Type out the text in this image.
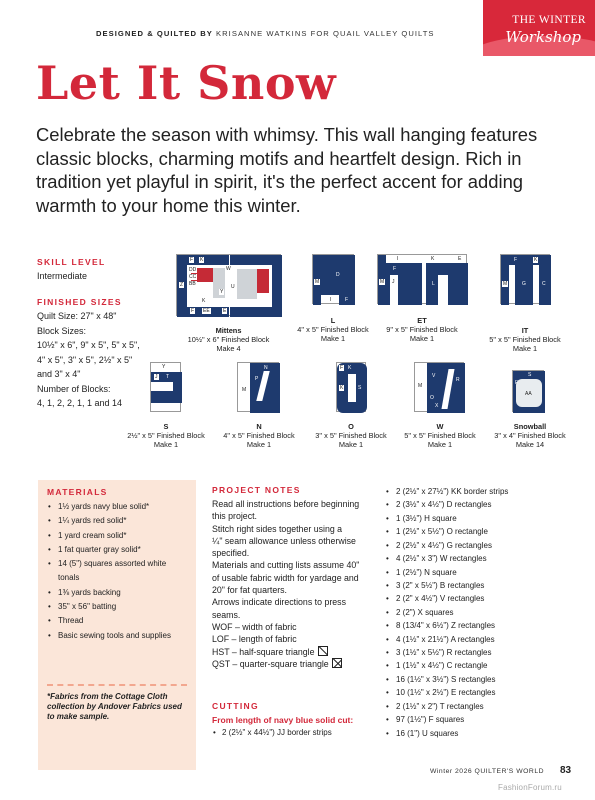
DESIGNED & QUILTED BY KRISANNE WATKINS FOR QUAIL VALLEY QUILTS
THE WINTER
Workshop
Let It Snow

Celebrate the season with whimsy. This wall hanging features classic blocks, charming motifs and heartfelt design. Rich in tradition yet playful in spirit, it's the perfect accent for adding warmth to your home this winter.

SKILL LEVEL
Intermediate
FINISHED SIZES
Quilt Size: 27" x 48"
Block Sizes:
10½" x 6", 9" x 5", 5" x 5",
4" x 5", 3" x 5", 2½" x 5"
and 3" x 4"
Number of Blocks:
4, 1, 2, 2, 1, 1 and 14
F K
DD
CC
BB
Z
W
U
Y
K
F EE	E
Mittens
10½" x 6" Finished Block
Make 4
M
D
I	F
L
4" x 5" Finished Block
Make 1
I	K	E
F
M J	L
ET
9" x 5" Finished Block
Make 1
F	K
M	G	C
IT
5" x 5" Finished Block
Make 1
Y
J T
S
2½" x 5" Finished Block
Make 1
N
P
M
G
N
4" x 5" Finished Block
Make 1
F K
K	S
O
3" x 5" Finished Block
Make 1
V
M
R
O
X
W
5" x 5" Finished Block
Make 1
S
F
AA
Snowball
3" x 4" Finished Block
Make 14
MATERIALS
• 1½ yards navy blue solid*
• 1¼ yards red solid*
• 1 yard cream solid*
• 1 fat quarter gray solid*
• 14 (5") squares assorted white
tonals
• 1⅜ yards backing
• 35" x 56" batting
• Thread
• Basic sewing tools and supplies
*Fabrics from the Cottage Cloth collection by Andover Fabrics used to make sample.
PROJECT NOTES
Read all instructions before beginning
this project.
Stitch right sides together using a
¼" seam allowance unless otherwise
specified.
Materials and cutting lists assume 40"
of usable fabric width for yardage and
20" for fat quarters.
Arrows indicate directions to press
seams.
WOF – width of fabric
LOF – length of fabric
HST – half-square triangle
QST – quarter-square triangle
CUTTING
From length of navy blue solid cut:
• 2 (2½" x 44½") JJ border strips
• 2 (2½" x 27½") KK border strips
• 2 (3½" x 4½") D rectangles
• 1 (3½") H square
• 1 (2½" x 5½") O rectangle
• 2 (2½" x 4½") G rectangles
• 4 (2½" x 3") W rectangles
• 1 (2½") N square
• 3 (2" x 5½") B rectangles
• 2 (2" x 4½") V rectangles
• 2 (2") X squares
• 8 (13/4" x 6½") Z rectangles
• 4 (1½" x 21½") A rectangles
• 3 (1½" x 5½") R rectangles
• 1 (1½" x 4½") C rectangle
• 16 (1½" x 3½") S rectangles
• 10 (1½" x 2½") E rectangles
• 2 (1½" x 2") T rectangles
• 97 (1½") F squares
• 16 (1") U squares
Winter 2026 QUILTER'S WORLD 83
FashionForum.ru
